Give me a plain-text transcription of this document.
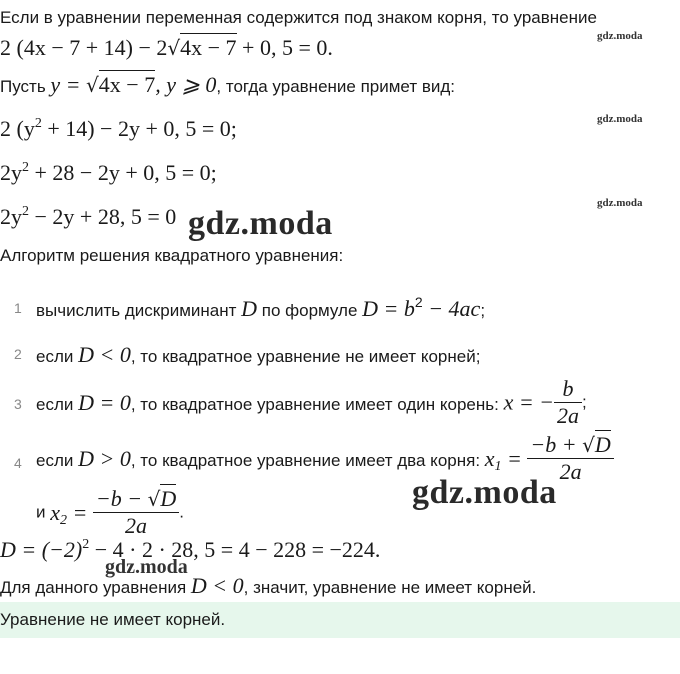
Если в уравнении переменная содержится под знаком корня, то уравнение
2 (4x − 7 + 14) − 2√4x − 7 + 0, 5 = 0.
Пусть y = √4x − 7, y ⩾ 0, тогда уравнение примет вид:
2 $(y^2 + 14) - 2y + 0$, 5 = 0;
$2y^2 + 28 - 2y + 0$, 5 = 0;
$2y^2 - 2y + 28$, 5 = 0
gdz.moda
gdz.moda
gdz.moda
gdz.moda
gdz.moda
gdz.moda
Алгоритм решения квадратного уравнения:
1 вычислить дискриминант D по формуле $D = b^2 - 4ac$;
2 если D < 0, то квадратное уравнение не имеет корней;
3 если D = 0, то квадратное уравнение имеет один корень: x = − $\frac{b}{2a}$ ;
4 если D > 0, то квадратное уравнение имеет два корня: $x_1 = \frac{-b + √D}{2a}$
и $x_2 = \frac{-b - √D}{2a}$ .
$D = (-2)^2 - 4 \cdot 2 \cdot 28$, 5 = 4 − 228 = −224.
Для данного уравнения D < 0, значит, уравнение не имеет корней.
Уравнение не имеет корней.
